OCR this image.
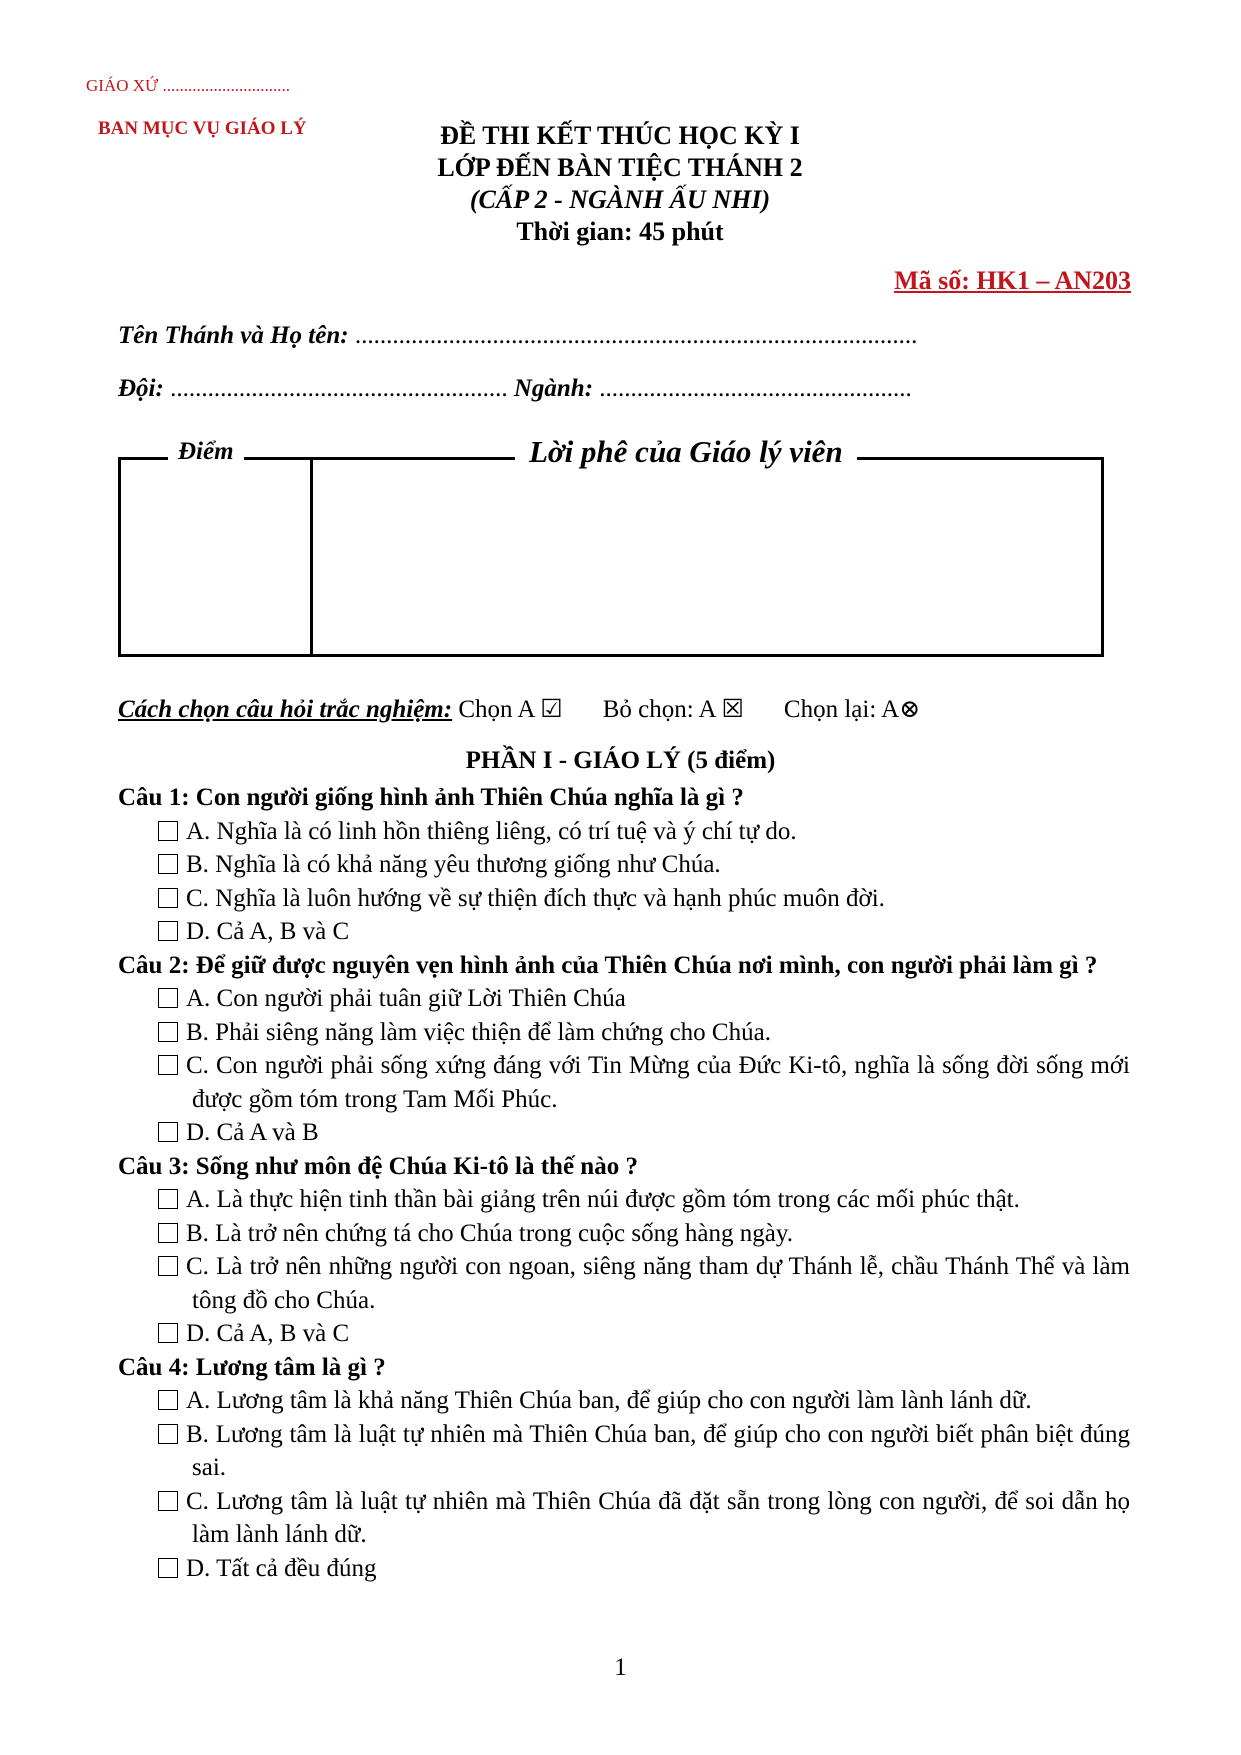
GIÁO XỨ ..............................
BAN MỤC VỤ GIÁO LÝ	ĐỀ THI KẾT THÚC HỌC KỲ I
LỚP ĐẾN BÀN TIỆC THÁNH 2
(CẤP 2 - NGÀNH ẤU NHI)
Thời gian: 45 phút
Mã số: HK1 – AN203
Tên Thánh và Họ tên: ..........................................................................................
Đội: ...................................................... Ngành: ..................................................
Điểm	Lời phê của Giáo lý viên
Cách chọn câu hỏi trắc nghiệm: Chọn A ☑ Bỏ chọn: A ☒ Chọn lại: A⊗
PHẦN I - GIÁO LÝ (5 điểm)
Câu 1: Con người giống hình ảnh Thiên Chúa nghĩa là gì ?
A. Nghĩa là có linh hồn thiêng liêng, có trí tuệ và ý chí tự do.
B. Nghĩa là có khả năng yêu thương giống như Chúa.
C. Nghĩa là luôn hướng về sự thiện đích thực và hạnh phúc muôn đời.
D. Cả A, B và C
Câu 2: Để giữ được nguyên vẹn hình ảnh của Thiên Chúa nơi mình, con người phải làm gì ?
A. Con người phải tuân giữ Lời Thiên Chúa
B. Phải siêng năng làm việc thiện để làm chứng cho Chúa.
C. Con người phải sống xứng đáng với Tin Mừng của Đức Ki-tô, nghĩa là sống đời sống mới được gồm tóm trong Tam Mối Phúc.
D. Cả A và B
Câu 3: Sống như môn đệ Chúa Ki-tô là thế nào ?
A. Là thực hiện tinh thần bài giảng trên núi được gồm tóm trong các mối phúc thật.
B. Là trở nên chứng tá cho Chúa trong cuộc sống hàng ngày.
C. Là trở nên những người con ngoan, siêng năng tham dự Thánh lễ, chầu Thánh Thể và làm tông đồ cho Chúa.
D. Cả A, B và C
Câu 4: Lương tâm là gì ?
A. Lương tâm là khả năng Thiên Chúa ban, để giúp cho con người làm lành lánh dữ.
B. Lương tâm là luật tự nhiên mà Thiên Chúa ban, để giúp cho con người biết phân biệt đúng sai.
C. Lương tâm là luật tự nhiên mà Thiên Chúa đã đặt sẵn trong lòng con người, để soi dẫn họ làm lành lánh dữ.
D. Tất cả đều đúng
1
